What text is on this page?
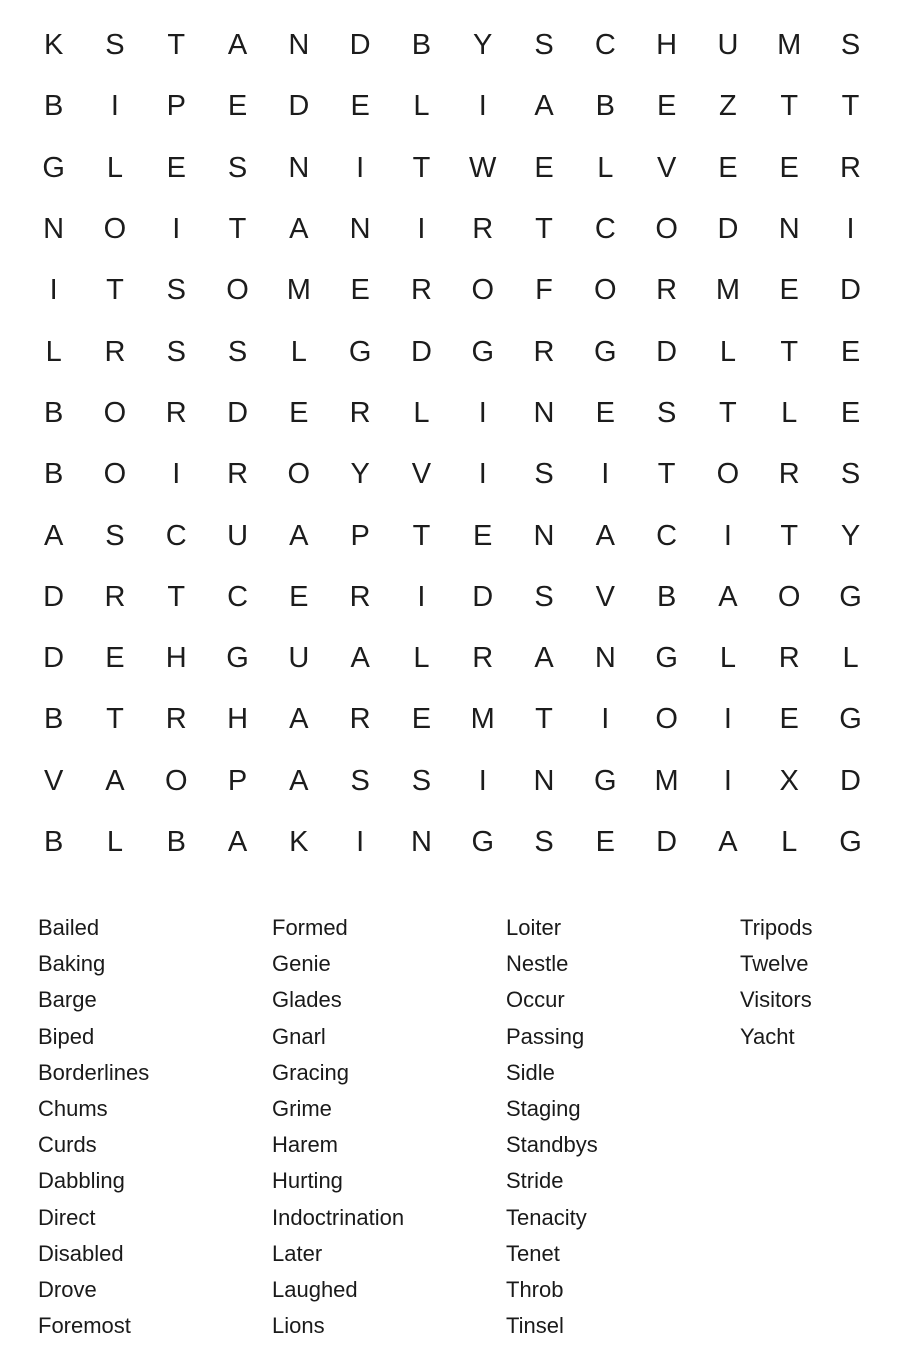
K	S	T	A	N	D	B	Y	S	C	H	U	M	S
B	I	P	E	D	E	L	I	A	B	E	Z	T	T
G	L	E	S	N	I	T	W	E	L	V	E	E	R
N	O	I	T	A	N	I	R	T	C	O	D	N	I
I	T	S	O	M	E	R	O	F	O	R	M	E	D
L	R	S	S	L	G	D	G	R	G	D	L	T	E
B	O	R	D	E	R	L	I	N	E	S	T	L	E
B	O	I	R	O	Y	V	I	S	I	T	O	R	S
A	S	C	U	A	P	T	E	N	A	C	I	T	Y
D	R	T	C	E	R	I	D	S	V	B	A	O	G
D	E	H	G	U	A	L	R	A	N	G	L	R	L
B	T	R	H	A	R	E	M	T	I	O	I	E	G
V	A	O	P	A	S	S	I	N	G	M	I	X	D
B	L	B	A	K	I	N	G	S	E	D	A	L	G
Bailed
Baking
Barge
Biped
Borderlines
Chums
Curds
Dabbling
Direct
Disabled
Drove
Foremost
Formed
Genie
Glades
Gnarl
Gracing
Grime
Harem
Hurting
Indoctrination
Later
Laughed
Lions
Loiter
Nestle
Occur
Passing
Sidle
Staging
Standbys
Stride
Tenacity
Tenet
Throb
Tinsel
Tripods
Twelve
Visitors
Yacht
